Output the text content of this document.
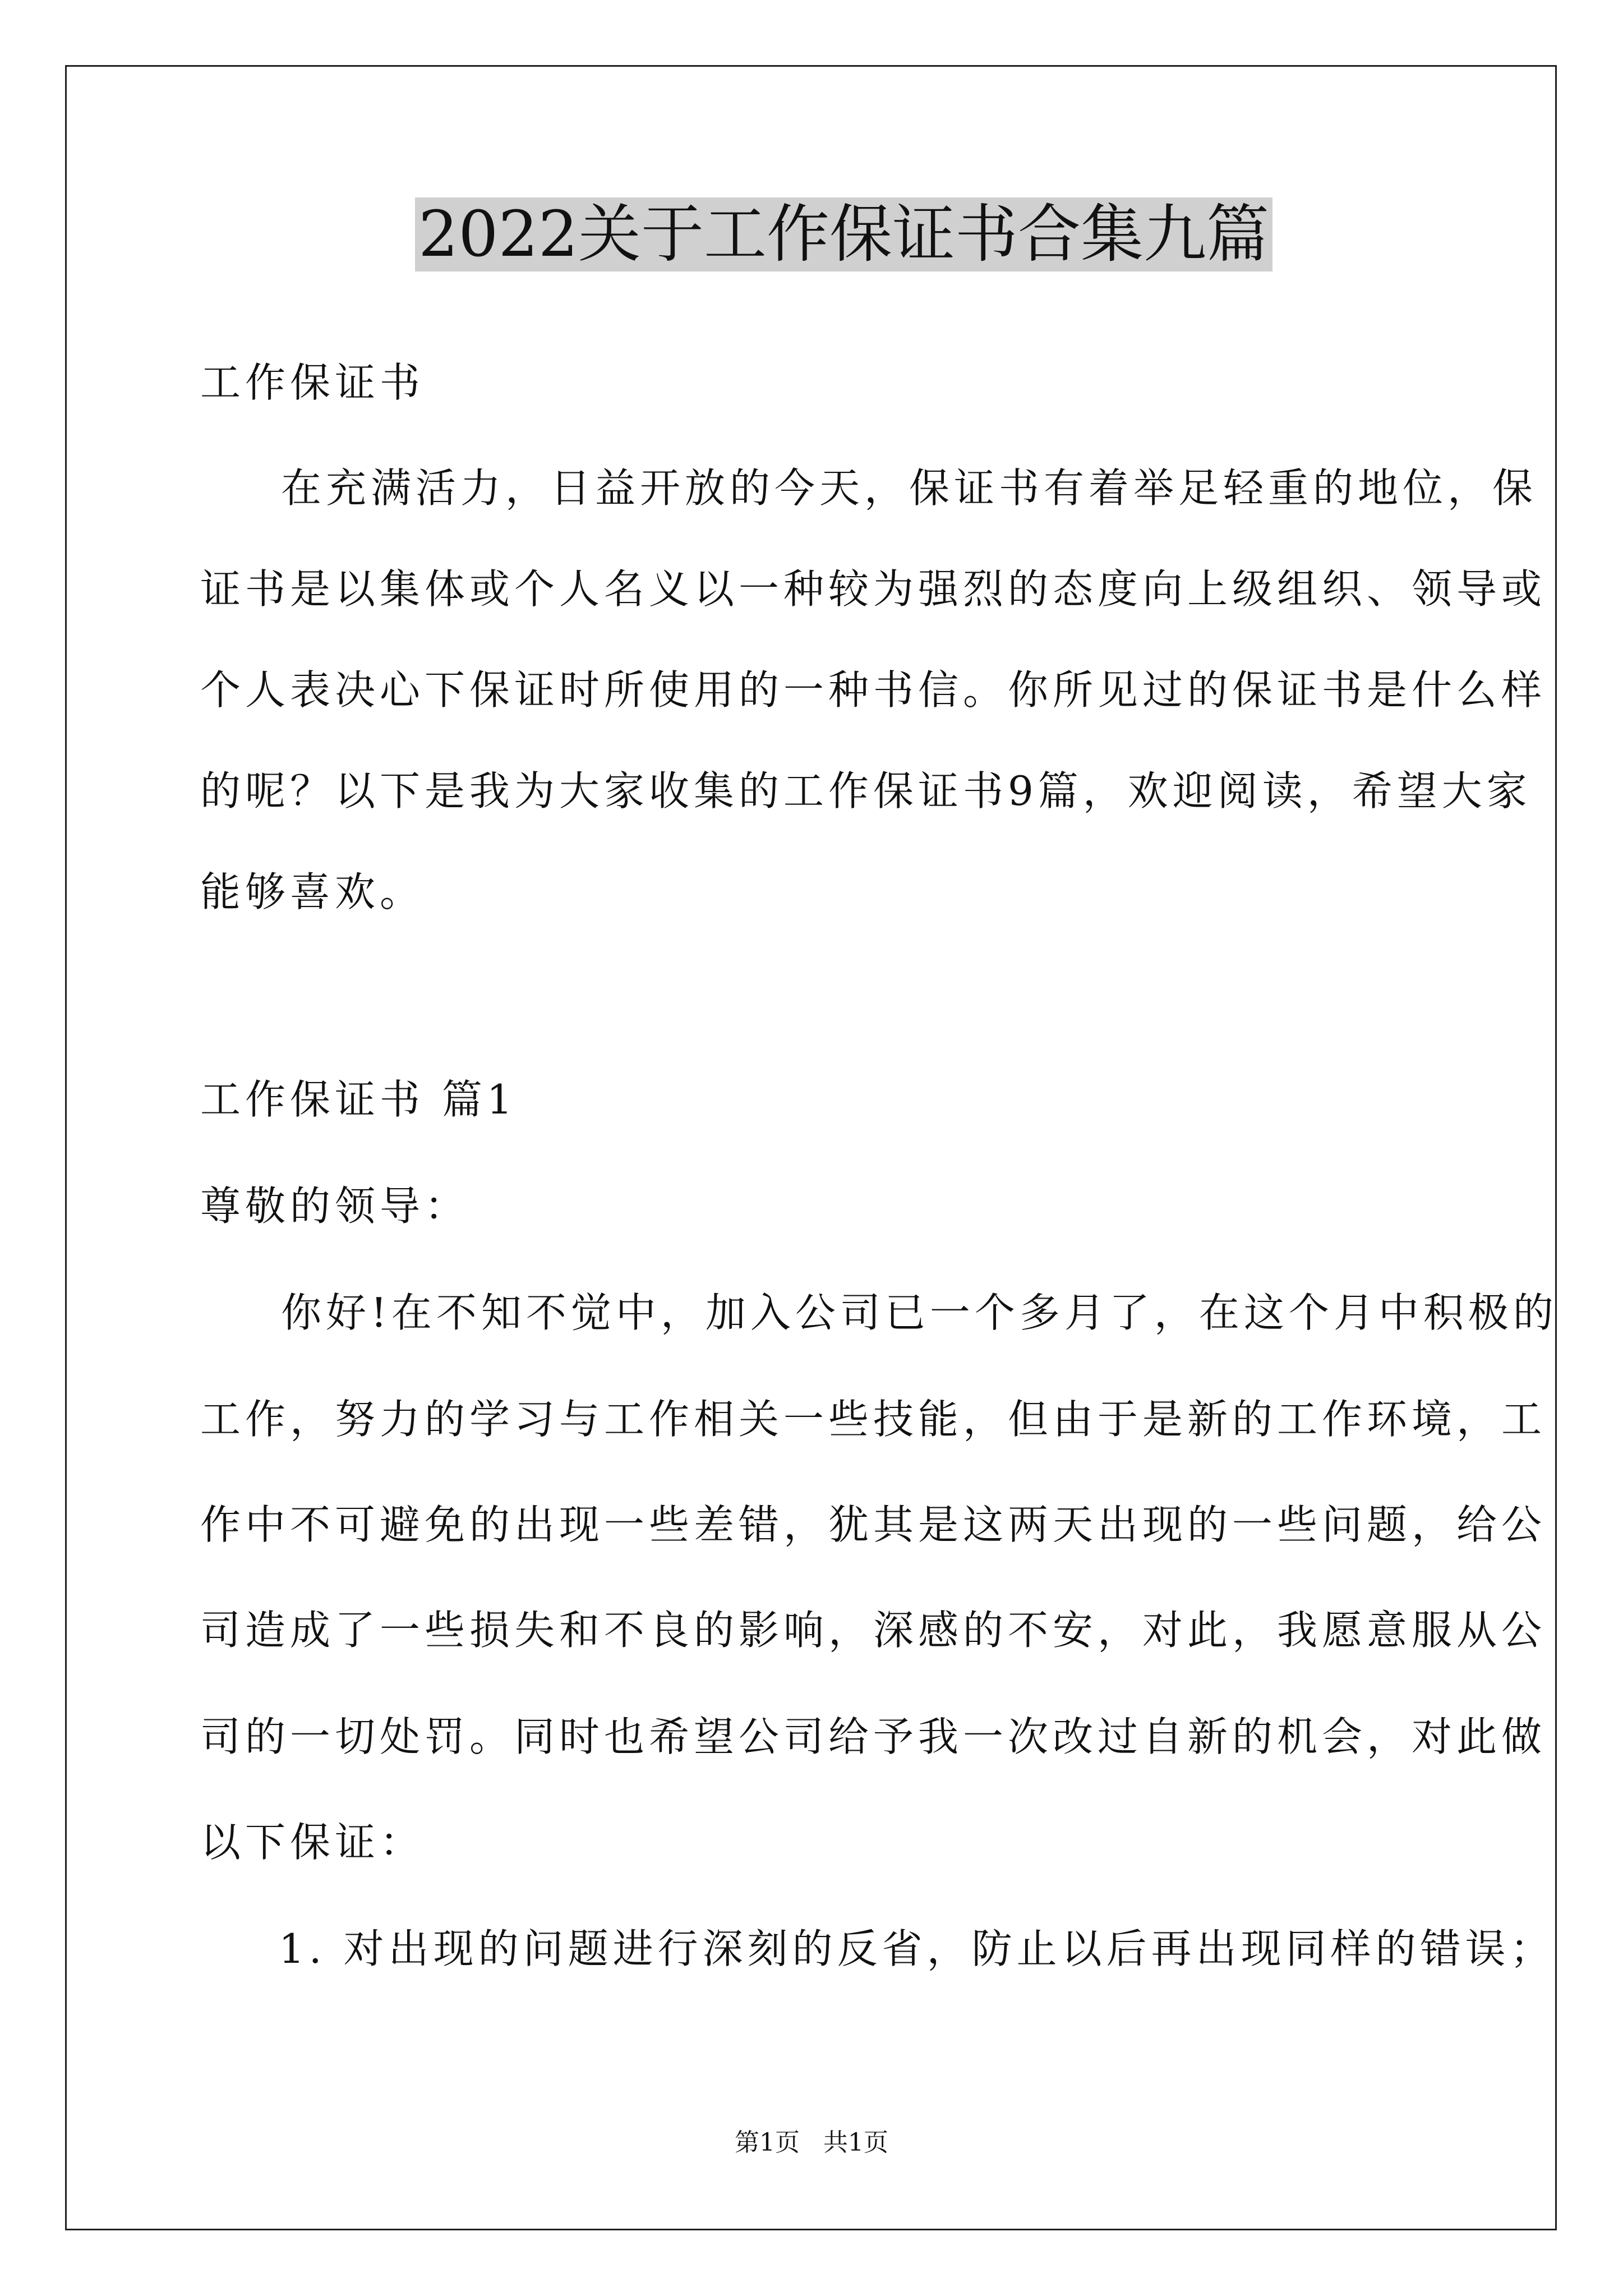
2022关于工作保证书合集九篇
工作保证书
在充满活力，日益开放的今天，保证书有着举足轻重的地位，保
证书是以集体或个人名义以一种较为强烈的态度向上级组织、领导或
个人表决心下保证时所使用的一种书信。你所见过的保证书是什么样
的呢？以下是我为大家收集的工作保证书9篇，欢迎阅读，希望大家
能够喜欢。
工作保证书 篇1
尊敬的领导：
你好!在不知不觉中，加入公司已一个多月了，在这个月中积极的
工作，努力的学习与工作相关一些技能，但由于是新的工作环境，工
作中不可避免的出现一些差错，犹其是这两天出现的一些问题，给公
司造成了一些损失和不良的影响，深感的不安，对此，我愿意服从公
司的一切处罚。同时也希望公司给予我一次改过自新的机会，对此做
以下保证：
1. 对出现的问题进行深刻的反省，防止以后再出现同样的错误；
第1页   共1页
